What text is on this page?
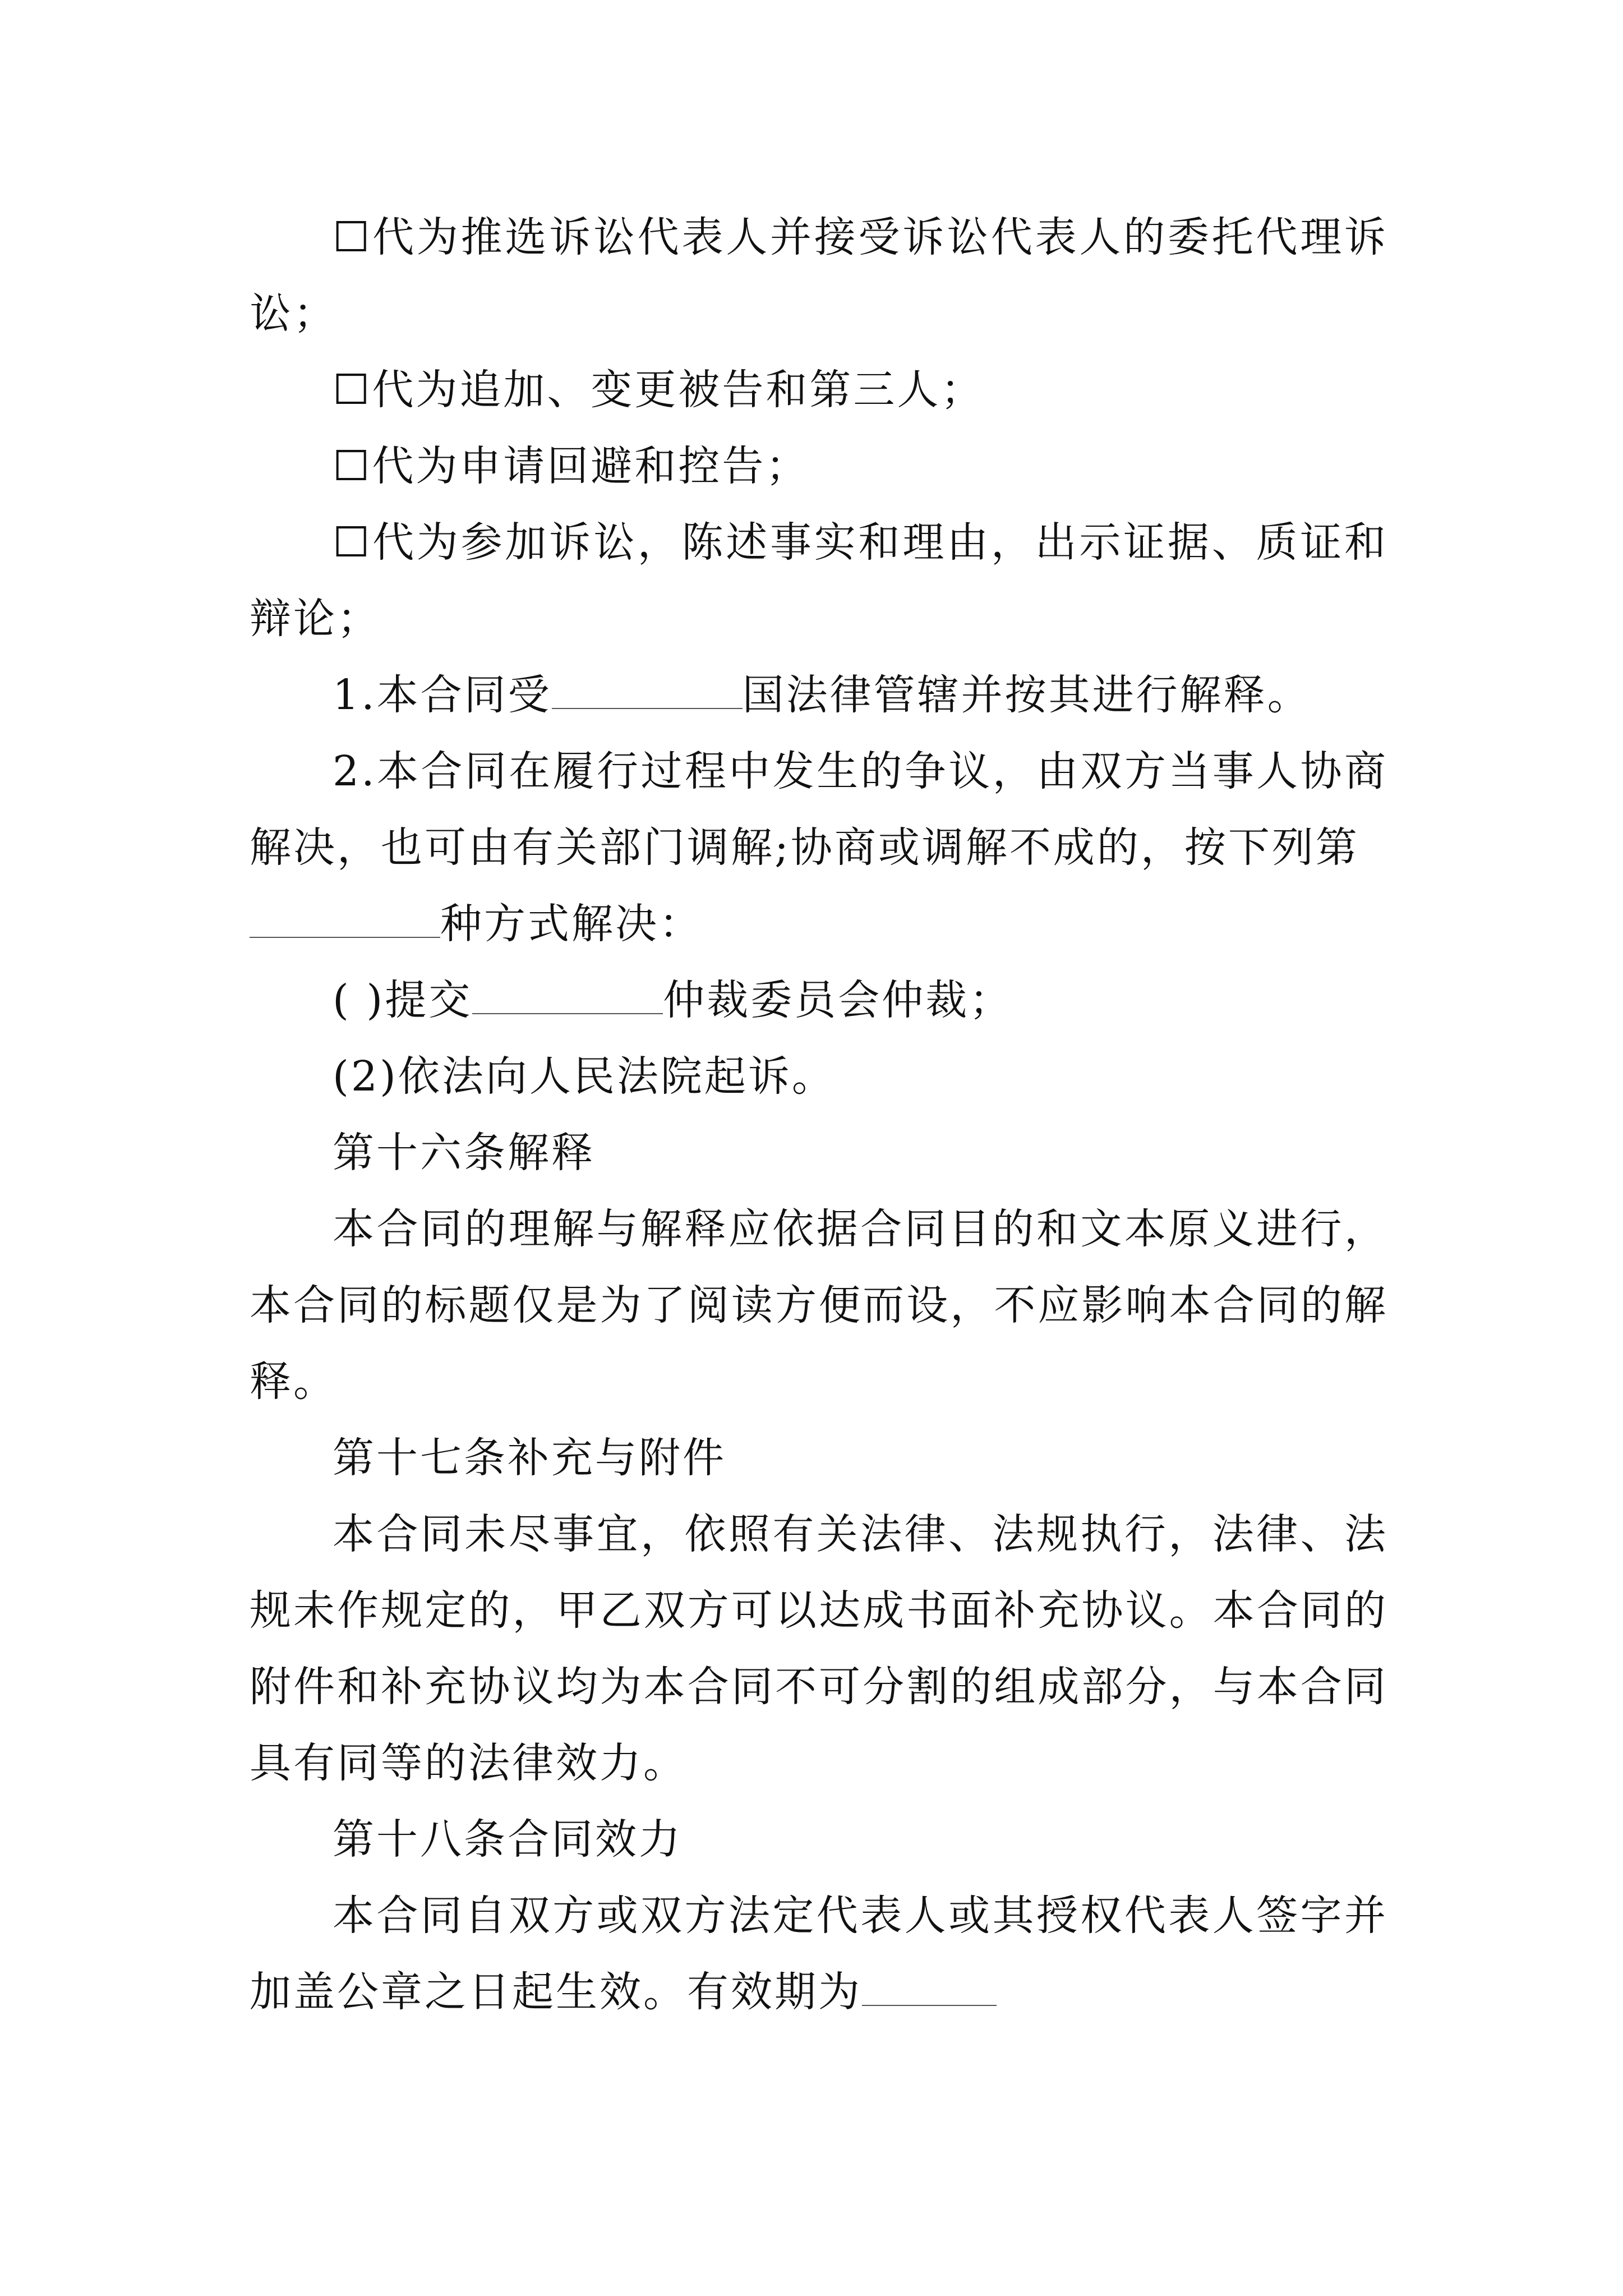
☐代为推选诉讼代表人并接受诉讼代表人的委托代理诉讼；

☐代为追加、变更被告和第三人；

☐代为申请回避和控告；

☐代为参加诉讼，陈述事实和理由，出示证据、质证和辩论；

1.本合同受	国法律管辖并按其进行解释。

2.本合同在履行过程中发生的争议，由双方当事人协商解决，也可由有关部门调解;协商或调解不成的，按下列第

种方式解决：

( )提交	仲裁委员会仲裁；

(2)依法向人民法院起诉。

第十六条解释

本合同的理解与解释应依据合同目的和文本原义进行，本合同的标题仅是为了阅读方便而设，不应影响本合同的解释。

第十七条补充与附件

本合同未尽事宜，依照有关法律、法规执行，法律、法规未作规定的，甲乙双方可以达成书面补充协议。本合同的附件和补充协议均为本合同不可分割的组成部分，与本合同具有同等的法律效力。

第十八条合同效力

本合同自双方或双方法定代表人或其授权代表人签字并加盖公章之日起生效。有效期为
